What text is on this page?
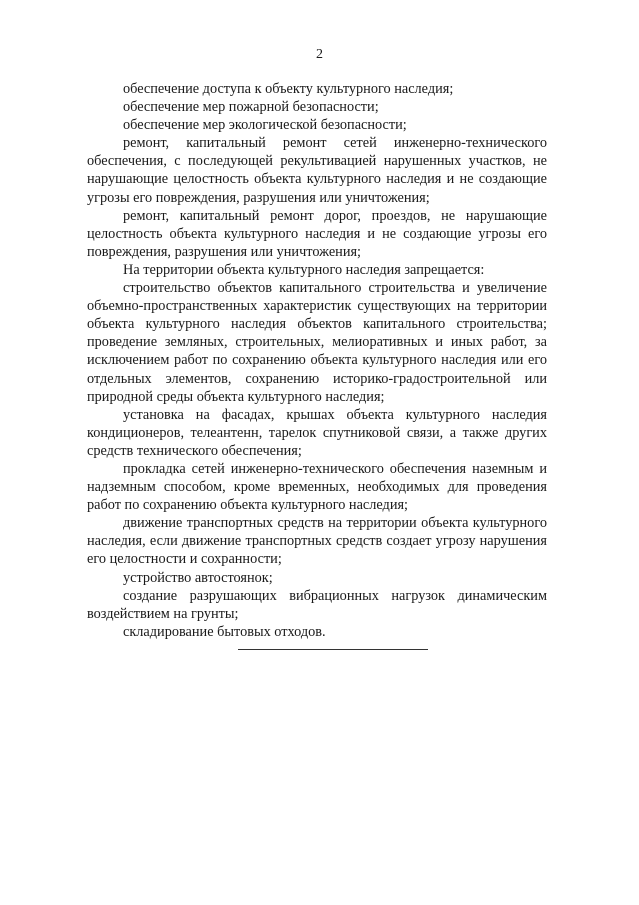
2

обеспечение доступа к объекту культурного наследия;

обеспечение мер пожарной безопасности;

обеспечение мер экологической безопасности;

ремонт, капитальный ремонт сетей инженерно-технического обеспечения, с последующей рекультивацией нарушенных участков, не нарушающие целостность объекта культурного наследия и не создающие угрозы его повреждения, разрушения или уничтожения;

ремонт, капитальный ремонт дорог, проездов, не нарушающие целостность объекта культурного наследия и не создающие угрозы его повреждения, разрушения или уничтожения;

На территории объекта культурного наследия запрещается:

строительство объектов капитального строительства и увеличение объемно-пространственных характеристик существующих на территории объекта культурного наследия объектов капитального строительства; проведение земляных, строительных, мелиоративных и иных работ, за исключением работ по сохранению объекта культурного наследия или его отдельных элементов, сохранению историко-градостроительной или природной среды объекта культурного наследия;

установка на фасадах, крышах объекта культурного наследия кондиционеров, телеантенн, тарелок спутниковой связи, а также других средств технического обеспечения;

прокладка сетей инженерно-технического обеспечения наземным и надземным способом, кроме временных, необходимых для проведения работ по сохранению объекта культурного наследия;

движение транспортных средств на территории объекта культурного наследия, если движение транспортных средств создает угрозу нарушения его целостности и сохранности;

устройство автостоянок;

создание разрушающих вибрационных нагрузок динамическим воздействием на грунты;

складирование бытовых отходов.
